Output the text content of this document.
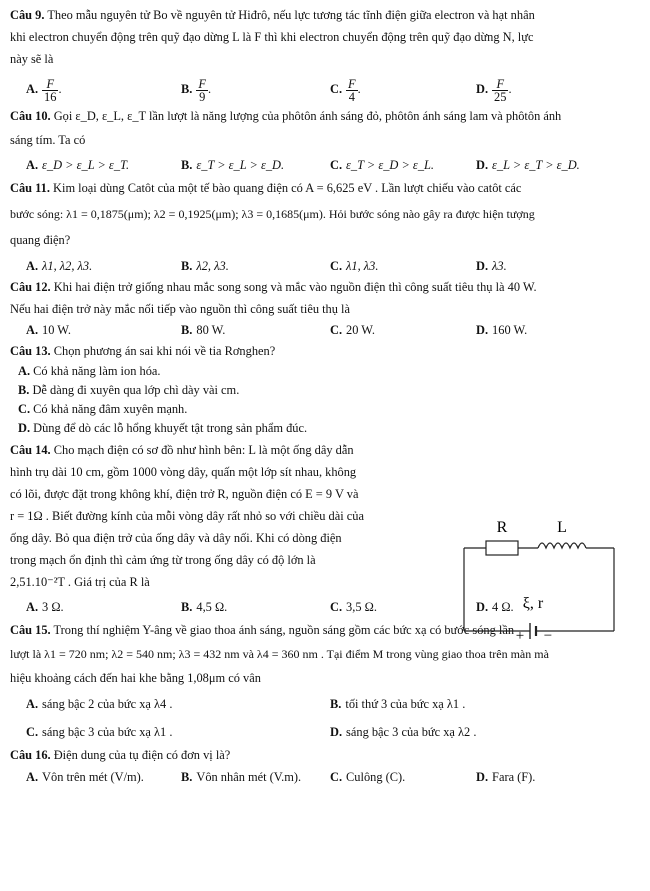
Câu 9. Theo mẫu nguyên tử Bo về nguyên tử Hiđrô, nếu lực tương tác tĩnh điện giữa electron và hạt nhân

khi electron chuyển động trên quỹ đạo dừng L là F thì khi electron chuyển động trên quỹ đạo dừng N, lực

này sẽ là

A. $\frac{F}{16}$ .	B. $\frac{F}{9}$ .	C. $\frac{F}{4}$ .	D. $\frac{F}{25}$ .

Câu 10. Gọi ε_D, ε_L, ε_T lần lượt là năng lượng của phôtôn ánh sáng đỏ, phôtôn ánh sáng lam và phôtôn ánh

sáng tím. Ta có

A. ε_D > ε_L > ε_T.	B. ε_T > ε_L > ε_D.	C. ε_T > ε_D > ε_L.	D. ε_L > ε_T > ε_D.

Câu 11. Kim loại dùng Catôt của một tế bào quang điện có A = 6,625 eV . Lần lượt chiếu vào catôt các

bước sóng: λ1 = 0,1875(μm); λ2 = 0,1925(μm); λ3 = 0,1685(μm). Hỏi bước sóng nào gây ra được hiện tượng

quang điện?

A. λ1, λ2, λ3.	B. λ2, λ3.	C. λ1, λ3.	D. λ3.

Câu 12. Khi hai điện trở giống nhau mắc song song và mắc vào nguồn điện thì công suất tiêu thụ là 40 W.

Nếu hai điện trở này mắc nối tiếp vào nguồn thì công suất tiêu thụ là

A. 10 W.	B. 80 W.	C. 20 W.	D. 160 W.

Câu 13. Chọn phương án sai khi nói về tia Rơnghen?

A. Có khả năng làm ion hóa.
B. Dễ dàng đi xuyên qua lớp chì dày vài cm.
C. Có khả năng đâm xuyên mạnh.
D. Dùng để dò các lỗ hổng khuyết tật trong sản phẩm đúc.
Câu 14. Cho mạch điện có sơ đồ như hình bên: L là một ống dây dẫn
hình trụ dài 10 cm, gồm 1000 vòng dây, quấn một lớp sít nhau, không
có lõi, được đặt trong không khí, điện trở R, nguồn điện có E = 9 V và
r = 1Ω . Biết đường kính của mỗi vòng dây rất nhỏ so với chiều dài của
ống dây. Bỏ qua điện trở của ống dây và dây nối. Khi có dòng điện
trong mạch ổn định thì cảm ứng từ trong ống dây có độ lớn là
2,51.10⁻²T . Giá trị của R là
A. 3 Ω.	B. 4,5 Ω.	C. 3,5 Ω.	D. 4 Ω.

Câu 15. Trong thí nghiệm Y-âng về giao thoa ánh sáng, nguồn sáng gồm các bức xạ có bước sóng lần

lượt là λ1 = 720 nm; λ2 = 540 nm; λ3 = 432 nm và λ4 = 360 nm . Tại điểm M trong vùng giao thoa trên màn mà

hiệu khoảng cách đến hai khe bằng 1,08μm có vân

A. sáng bậc 2 của bức xạ λ4 .	B. tối thứ 3 của bức xạ λ1 .
C. sáng bậc 3 của bức xạ λ1 .	D. sáng bậc 3 của bức xạ λ2 .

Câu 16. Điện dung của tụ điện có đơn vị là?

A. Vôn trên mét (V/m).	B. Vôn nhân mét (V.m). C. Culông (C).	D. Fara (F).
R	L
ξ, r
+ −
